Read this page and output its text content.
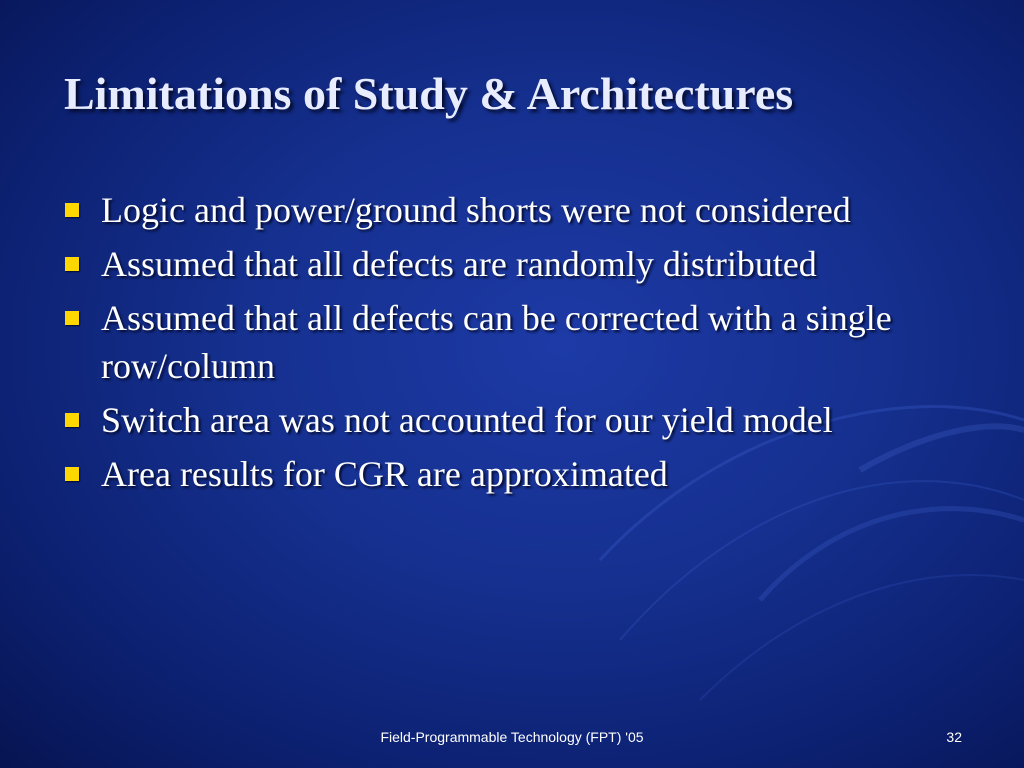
Limitations of Study & Architectures
Logic and power/ground shorts were not considered
Assumed that all defects are randomly distributed
Assumed that all defects can be corrected with a single row/column
Switch area was not accounted for our yield model
Area results for CGR are approximated
Field-Programmable Technology (FPT) '05	32
